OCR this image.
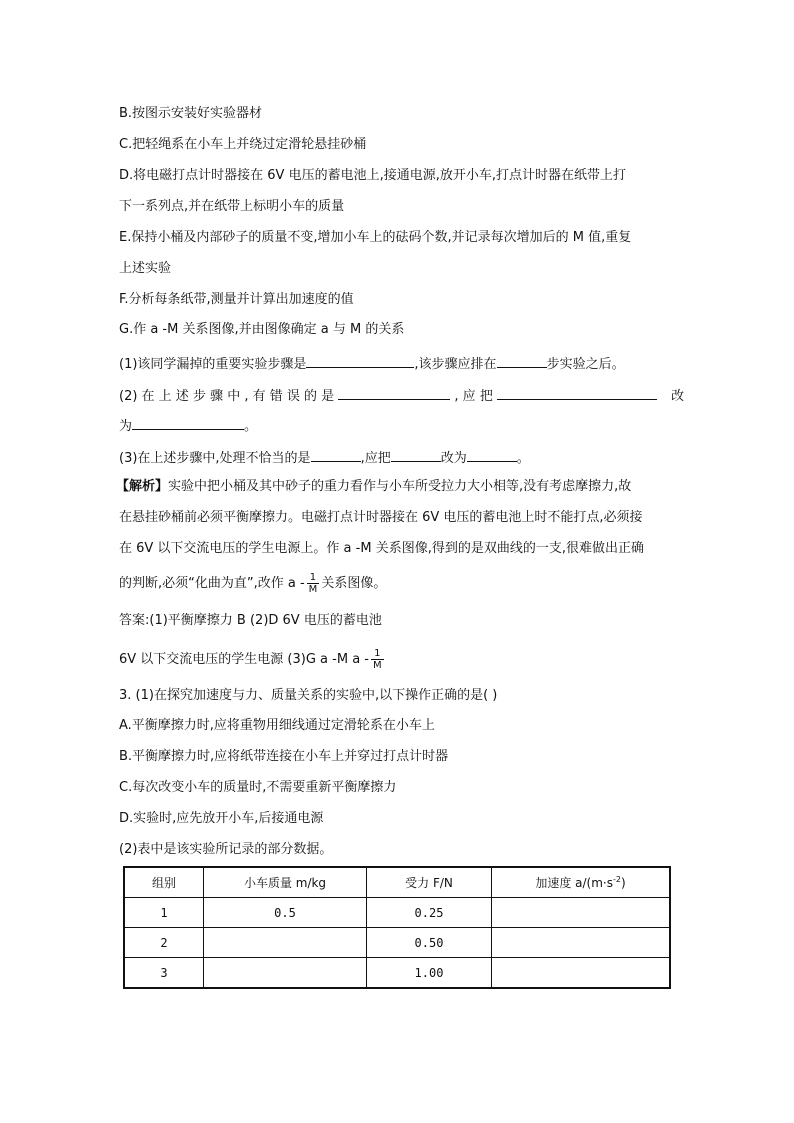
B.按图示安装好实验器材
C.把轻绳系在小车上并绕过定滑轮悬挂砂桶
D.将电磁打点计时器接在 6V 电压的蓄电池上,接通电源,放开小车,打点计时器在纸带上打
下一系列点,并在纸带上标明小车的质量
E.保持小桶及内部砂子的质量不变,增加小车上的砝码个数,并记录每次增加后的 M 值,重复
上述实验
F.分析每条纸带,测量并计算出加速度的值
G.作 a -M 关系图像,并由图像确定 a 与 M 的关系
(1)该同学漏掉的重要实验步骤是	,该步骤应排在	步实验之后。
(2) 在 上 述 步 骤 中 , 有 错 误 的 是	, 应 把	改
为	。
(3)在上述步骤中,处理不恰当的是	,应把	改为	。
【解析】实验中把小桶及其中砂子的重力看作与小车所受拉力大小相等,没有考虑摩擦力,故
在悬挂砂桶前必须平衡摩擦力。电磁打点计时器接在 6V 电压的蓄电池上时不能打点,必须接
在 6V 以下交流电压的学生电源上。作 a -M 关系图像,得到的是双曲线的一支,很难做出正确
的判断,必须“化曲为直”,改作 a - $\frac{1}{M}$ 关系图像。
答案:(1)平衡摩擦力 B (2)D 6V 电压的蓄电池
6V 以下交流电压的学生电源 (3)G a -M a - $\frac{1}{M}$
3. (1)在探究加速度与力、质量关系的实验中,以下操作正确的是( )
A.平衡摩擦力时,应将重物用细线通过定滑轮系在小车上
B.平衡摩擦力时,应将纸带连接在小车上并穿过打点计时器
C.每次改变小车的质量时,不需要重新平衡摩擦力
D.实验时,应先放开小车,后接通电源
(2)表中是该实验所记录的部分数据。
组别	小车质量 m/kg	受力 F/N	加速度 $a/(m\cdot s^{-2})$
1	0.5	0.25	
2		0.50	
3		1.00	
